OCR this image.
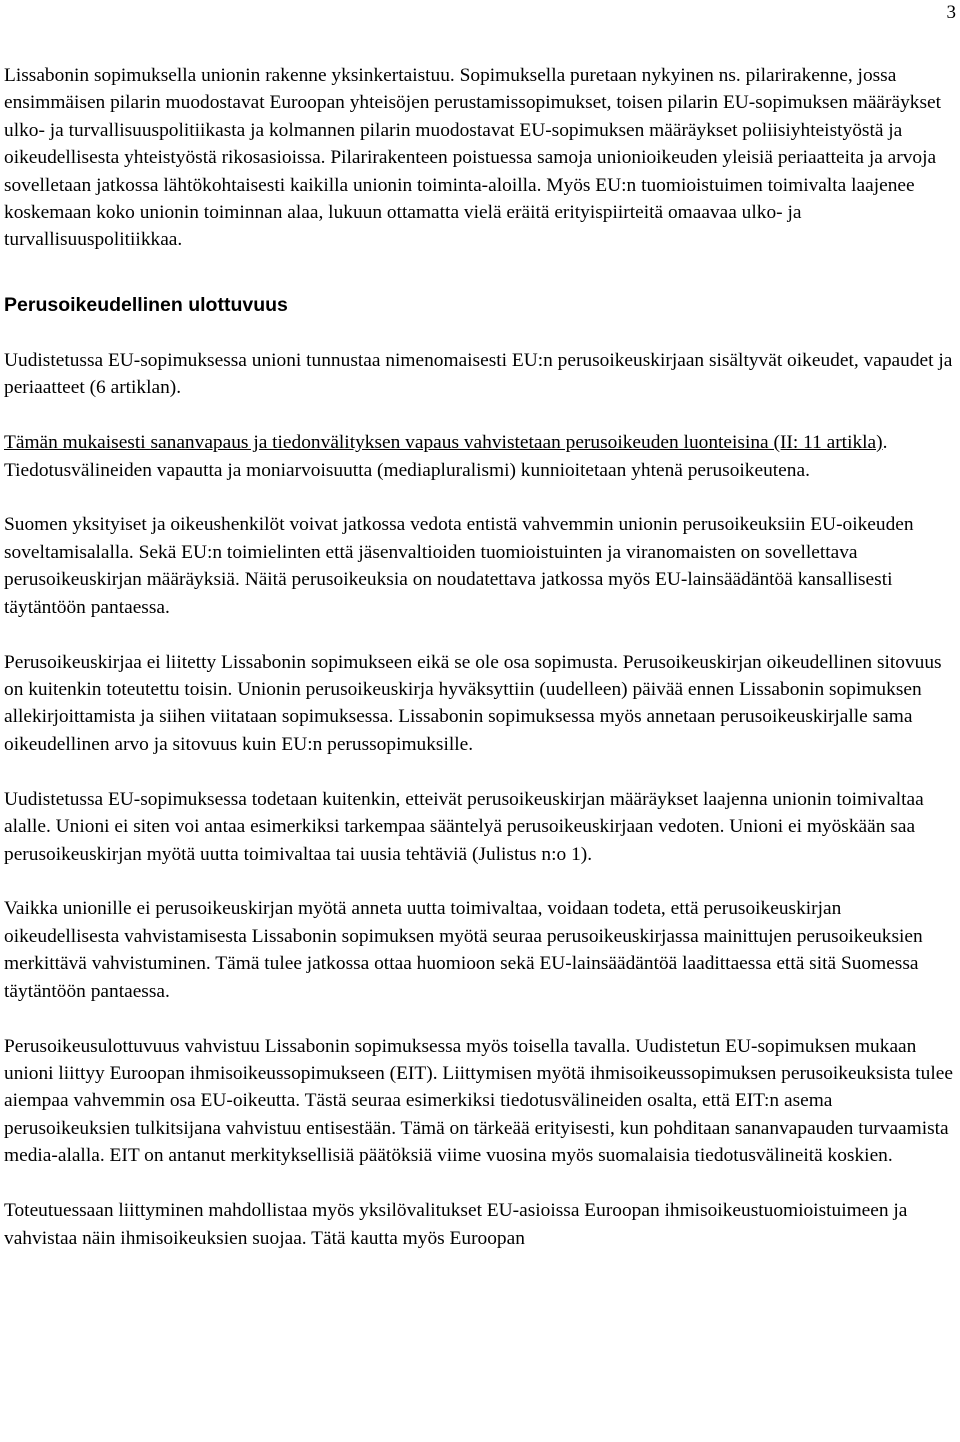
3

Lissabonin sopimuksella unionin rakenne yksinkertaistuu. Sopimuksella puretaan nykyinen ns. pilarirakenne, jossa ensimmäisen pilarin muodostavat Euroopan yhteisöjen perustamissopimukset, toisen pilarin EU-sopimuksen määräykset ulko- ja turvallisuuspolitiikasta ja kolmannen pilarin muodostavat EU-sopimuksen määräykset poliisiyhteistyöstä ja oikeudellisesta yhteistyöstä rikosasioissa. Pilarirakenteen poistuessa samoja unionioikeuden yleisiä periaatteita ja arvoja sovelletaan jatkossa lähtökohtaisesti kaikilla unionin toiminta-aloilla. Myös EU:n tuomioistuimen toimivalta laajenee koskemaan koko unionin toiminnan alaa, lukuun ottamatta vielä eräitä erityispiirteitä omaavaa ulko- ja turvallisuuspolitiikkaa.

Perusoikeudellinen ulottuvuus

Uudistetussa EU-sopimuksessa unioni tunnustaa nimenomaisesti EU:n perusoikeuskirjaan sisältyvät oikeudet, vapaudet ja periaatteet (6 artiklan).

Tämän mukaisesti sananvapaus ja tiedonvälityksen vapaus vahvistetaan perusoikeuden luonteisina (II: 11 artikla). Tiedotusvälineiden vapautta ja moniarvoisuutta (mediapluralismi) kunnioitetaan yhtenä perusoikeutena.

Suomen yksityiset ja oikeushenkilöt voivat jatkossa vedota entistä vahvemmin unionin perusoikeuksiin EU-oikeuden soveltamisalalla. Sekä EU:n toimielinten että jäsenvaltioiden tuomioistuinten ja viranomaisten on sovellettava perusoikeuskirjan määräyksiä. Näitä perusoikeuksia on noudatettava jatkossa myös EU-lainsäädäntöä kansallisesti täytäntöön pantaessa.

Perusoikeuskirjaa ei liitetty Lissabonin sopimukseen eikä se ole osa sopimusta. Perusoikeuskirjan oikeudellinen sitovuus on kuitenkin toteutettu toisin. Unionin perusoikeuskirja hyväksyttiin (uudelleen) päivää ennen Lissabonin sopimuksen allekirjoittamista ja siihen viitataan sopimuksessa. Lissabonin sopimuksessa myös annetaan perusoikeuskirjalle sama oikeudellinen arvo ja sitovuus kuin EU:n perussopimuksille.

Uudistetussa EU-sopimuksessa todetaan kuitenkin, etteivät perusoikeuskirjan määräykset laajenna unionin toimivaltaa alalle. Unioni ei siten voi antaa esimerkiksi tarkempaa sääntelyä perusoikeuskirjaan vedoten. Unioni ei myöskään saa perusoikeuskirjan myötä uutta toimivaltaa tai uusia tehtäviä (Julistus n:o 1).

Vaikka unionille ei perusoikeuskirjan myötä anneta uutta toimivaltaa, voidaan todeta, että perusoikeuskirjan oikeudellisesta vahvistamisesta Lissabonin sopimuksen myötä seuraa perusoikeuskirjassa mainittujen perusoikeuksien merkittävä vahvistuminen. Tämä tulee jatkossa ottaa huomioon sekä EU-lainsäädäntöä laadittaessa että sitä Suomessa täytäntöön pantaessa.

Perusoikeusulottuvuus vahvistuu Lissabonin sopimuksessa myös toisella tavalla. Uudistetun EU-sopimuksen mukaan unioni liittyy Euroopan ihmisoikeussopimukseen (EIT). Liittymisen myötä ihmisoikeussopimuksen perusoikeuksista tulee aiempaa vahvemmin osa EU-oikeutta. Tästä seuraa esimerkiksi tiedotusvälineiden osalta, että EIT:n asema perusoikeuksien tulkitsijana vahvistuu entisestään. Tämä on tärkeää erityisesti, kun pohditaan sananvapauden turvaamista media-alalla. EIT on antanut merkityksellisiä päätöksiä viime vuosina myös suomalaisia tiedotusvälineitä koskien.

Toteutuessaan liittyminen mahdollistaa myös yksilövalitukset EU-asioissa Euroopan ihmisoikeustuomioistuimeen ja vahvistaa näin ihmisoikeuksien suojaa. Tätä kautta myös Euroopan
